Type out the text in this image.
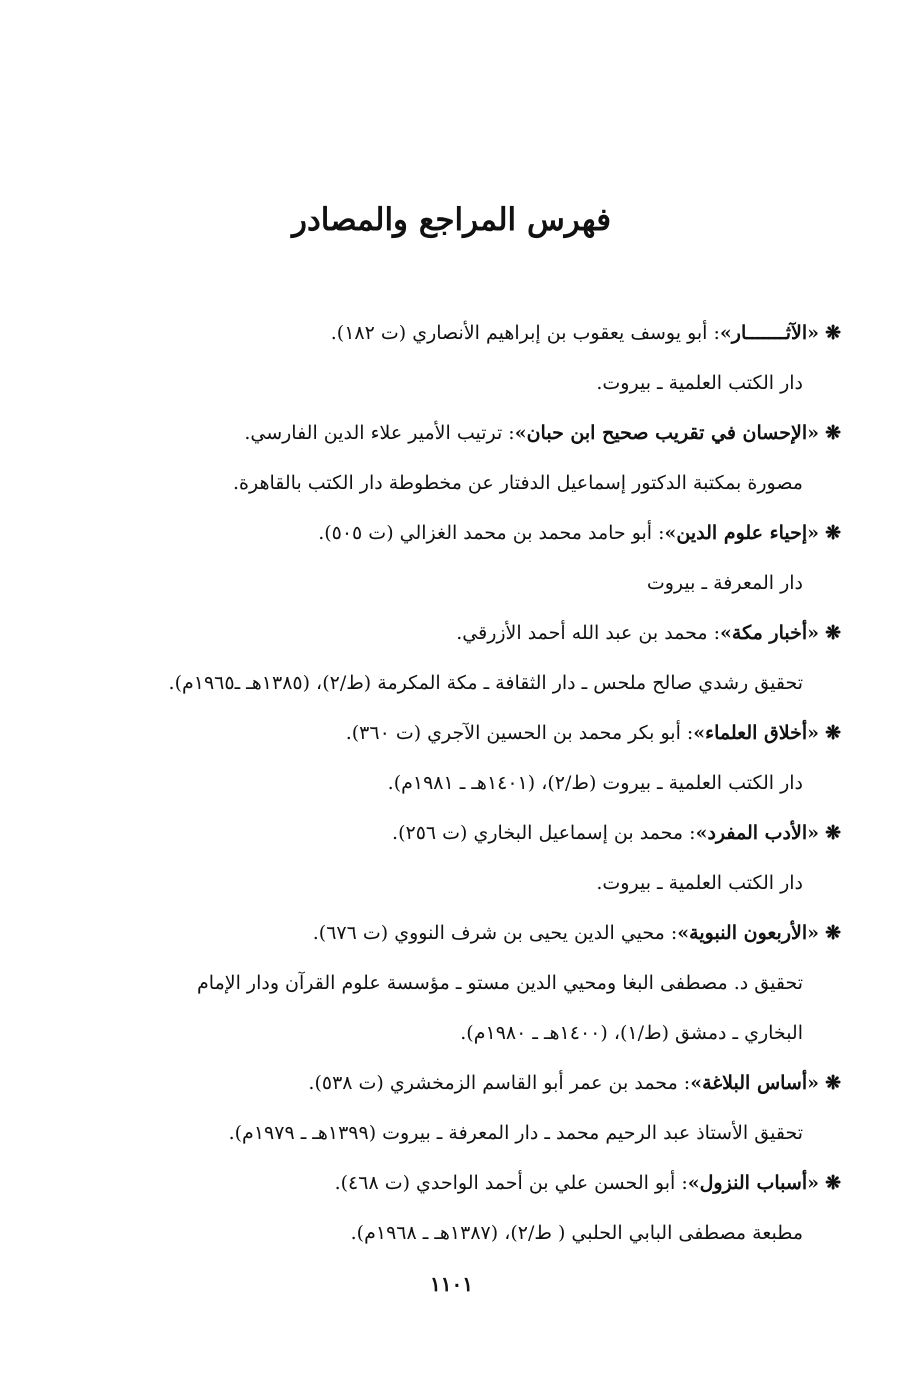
فهرس المراجع والمصادر
❋«الآثـــــــار»: أبو يوسف يعقوب بن إبراهيم الأنصاري (ت ١٨٢).
دار الكتب العلمية ـ بيروت.
❋«الإحسان في تقريب صحيح ابن حبان»: ترتيب الأمير علاء الدين الفارسي.
مصورة بمكتبة الدكتور إسماعيل الدفتار عن مخطوطة دار الكتب بالقاهرة.
❋«إحياء علوم الدين»: أبو حامد محمد بن محمد الغزالي (ت ٥٠٥).
دار المعرفة ـ بيروت
❋«أخبار مكة»: محمد بن عبد الله أحمد الأزرقي.
تحقيق رشدي صالح ملحس ـ دار الثقافة ـ مكة المكرمة (ط/٢)، (١٣٨٥هـ ـ١٩٦٥م).
❋«أخلاق العلماء»: أبو بكر محمد بن الحسين الآجري (ت ٣٦٠).
دار الكتب العلمية ـ بيروت (ط/٢)، (١٤٠١هـ ـ ١٩٨١م).
❋«الأدب المفرد»: محمد بن إسماعيل البخاري (ت ٢٥٦).
دار الكتب العلمية ـ بيروت.
❋«الأربعون النبوية»: محيي الدين يحيى بن شرف النووي (ت ٦٧٦).
تحقيق د. مصطفى البغا ومحيي الدين مستو ـ مؤسسة علوم القرآن ودار الإمام
البخاري ـ دمشق (ط/١)، (١٤٠٠هـ ـ ١٩٨٠م).
❋«أساس البلاغة»: محمد بن عمر أبو القاسم الزمخشري (ت ٥٣٨).
تحقيق الأستاذ عبد الرحيم محمد ـ دار المعرفة ـ بيروت (١٣٩٩هـ ـ ١٩٧٩م).
❋«أسباب النزول»: أبو الحسن علي بن أحمد الواحدي (ت ٤٦٨).
مطبعة مصطفى البابي الحلبي ( ط/٢)، (١٣٨٧هـ ـ ١٩٦٨م).
١١٠١
